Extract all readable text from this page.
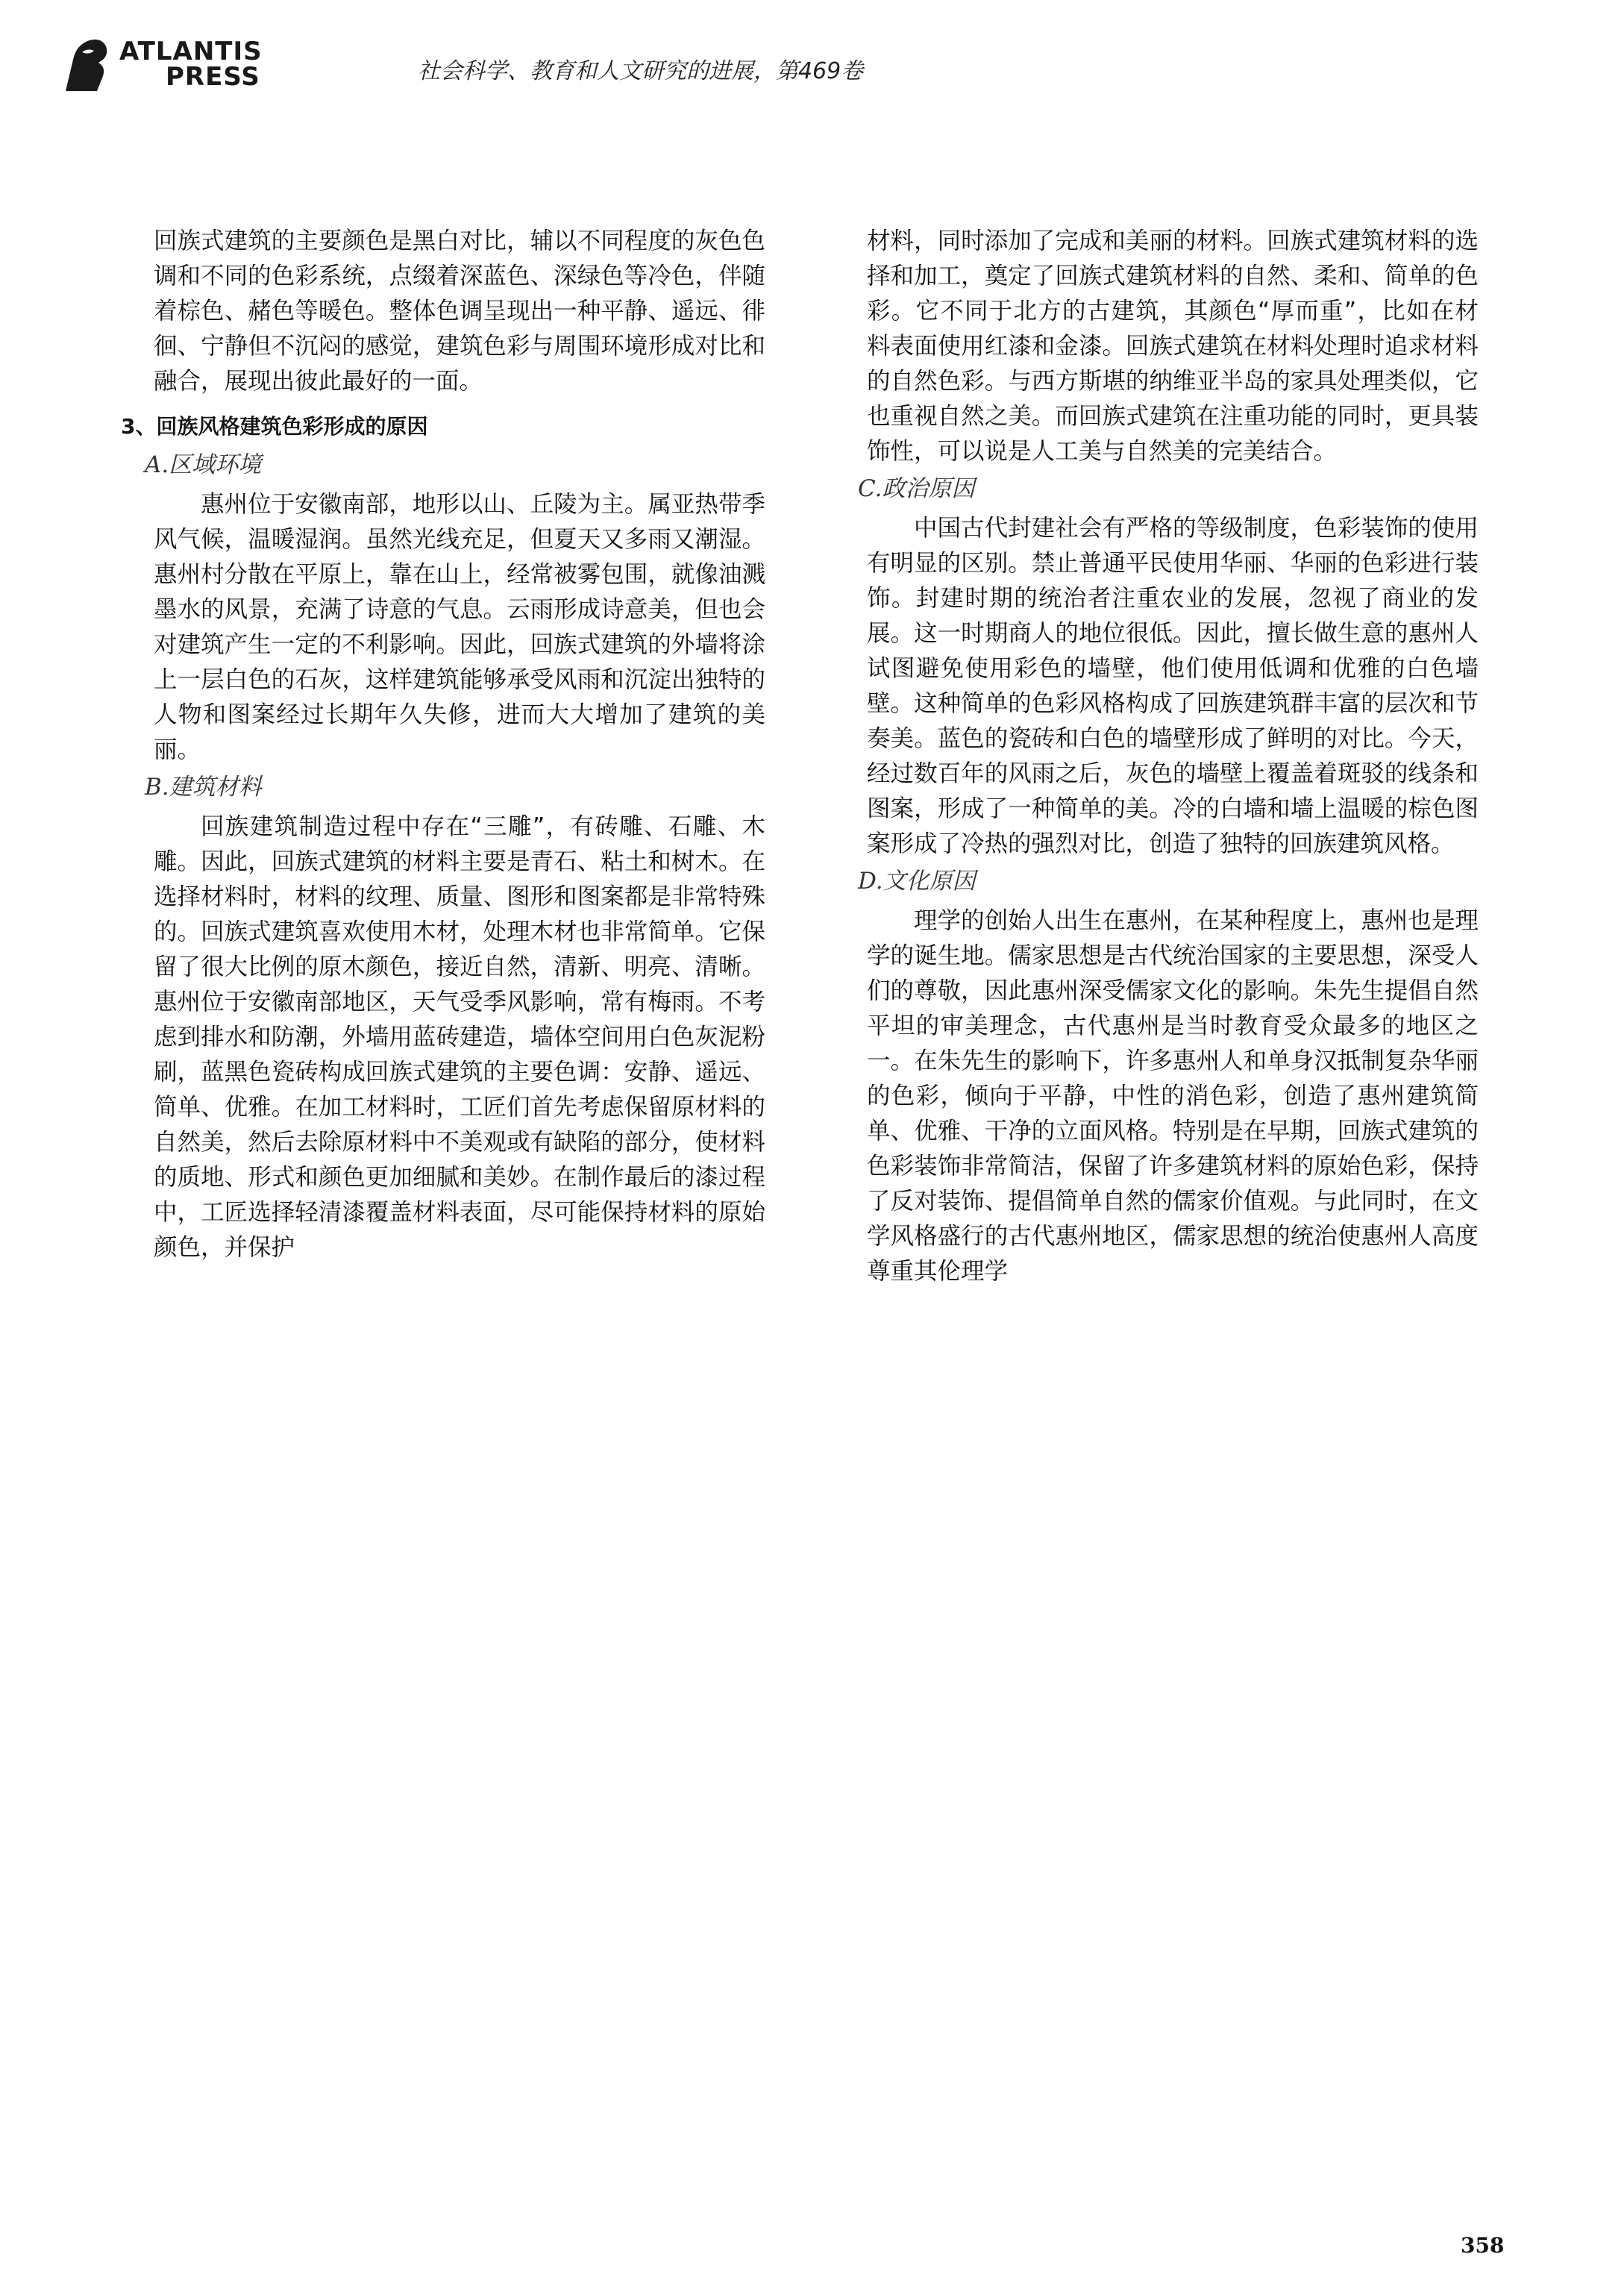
ATLANTIS
PRESS	社会科学、教育和人文研究的进展，第469卷

回族式建筑的主要颜色是黑白对比，辅以不同程度的灰色色调和不同的色彩系统，点缀着深蓝色、深绿色等冷色，伴随着棕色、赭色等暖色。整体色调呈现出一种平静、遥远、徘徊、宁静但不沉闷的感觉，建筑色彩与周围环境形成对比和融合，展现出彼此最好的一面。

3、回族风格建筑色彩形成的原因
A.区域环境

惠州位于安徽南部，地形以山、丘陵为主。属亚热带季风气候，温暖湿润。虽然光线充足，但夏天又多雨又潮湿。惠州村分散在平原上，靠在山上，经常被雾包围，就像油溅墨水的风景，充满了诗意的气息。云雨形成诗意美，但也会对建筑产生一定的不利影响。因此，回族式建筑的外墙将涂上一层白色的石灰，这样建筑能够承受风雨和沉淀出独特的人物和图案经过长期年久失修，进而大大增加了建筑的美丽。

B.建筑材料

回族建筑制造过程中存在“三雕”，有砖雕、石雕、木雕。因此，回族式建筑的材料主要是青石、粘土和树木。在选择材料时，材料的纹理、质量、图形和图案都是非常特殊的。回族式建筑喜欢使用木材，处理木材也非常简单。它保留了很大比例的原木颜色，接近自然，清新、明亮、清晰。惠州位于安徽南部地区，天气受季风影响，常有梅雨。不考虑到排水和防潮，外墙用蓝砖建造，墙体空间用白色灰泥粉刷，蓝黑色瓷砖构成回族式建筑的主要色调：安静、遥远、简单、优雅。在加工材料时，工匠们首先考虑保留原材料的自然美，然后去除原材料中不美观或有缺陷的部分，使材料的质地、形式和颜色更加细腻和美妙。在制作最后的漆过程中，工匠选择轻清漆覆盖材料表面，尽可能保持材料的原始颜色，并保护

材料，同时添加了完成和美丽的材料。回族式建筑材料的选择和加工，奠定了回族式建筑材料的自然、柔和、简单的色彩。它不同于北方的古建筑，其颜色“厚而重”，比如在材料表面使用红漆和金漆。回族式建筑在材料处理时追求材料的自然色彩。与西方斯堪的纳维亚半岛的家具处理类似，它也重视自然之美。而回族式建筑在注重功能的同时，更具装饰性，可以说是人工美与自然美的完美结合。

C.政治原因

中国古代封建社会有严格的等级制度，色彩装饰的使用有明显的区别。禁止普通平民使用华丽、华丽的色彩进行装饰。封建时期的统治者注重农业的发展，忽视了商业的发展。这一时期商人的地位很低。因此，擅长做生意的惠州人试图避免使用彩色的墙壁，他们使用低调和优雅的白色墙壁。这种简单的色彩风格构成了回族建筑群丰富的层次和节奏美。蓝色的瓷砖和白色的墙壁形成了鲜明的对比。今天，经过数百年的风雨之后，灰色的墙壁上覆盖着斑驳的线条和图案，形成了一种简单的美。冷的白墙和墙上温暖的棕色图案形成了冷热的强烈对比，创造了独特的回族建筑风格。

D.文化原因

理学的创始人出生在惠州，在某种程度上，惠州也是理学的诞生地。儒家思想是古代统治国家的主要思想，深受人们的尊敬，因此惠州深受儒家文化的影响。朱先生提倡自然平坦的审美理念，古代惠州是当时教育受众最多的地区之一。在朱先生的影响下，许多惠州人和单身汉抵制复杂华丽的色彩，倾向于平静，中性的消色彩，创造了惠州建筑简单、优雅、干净的立面风格。特别是在早期，回族式建筑的色彩装饰非常简洁，保留了许多建筑材料的原始色彩，保持了反对装饰、提倡简单自然的儒家价值观。与此同时，在文学风格盛行的古代惠州地区，儒家思想的统治使惠州人高度尊重其伦理学

358
